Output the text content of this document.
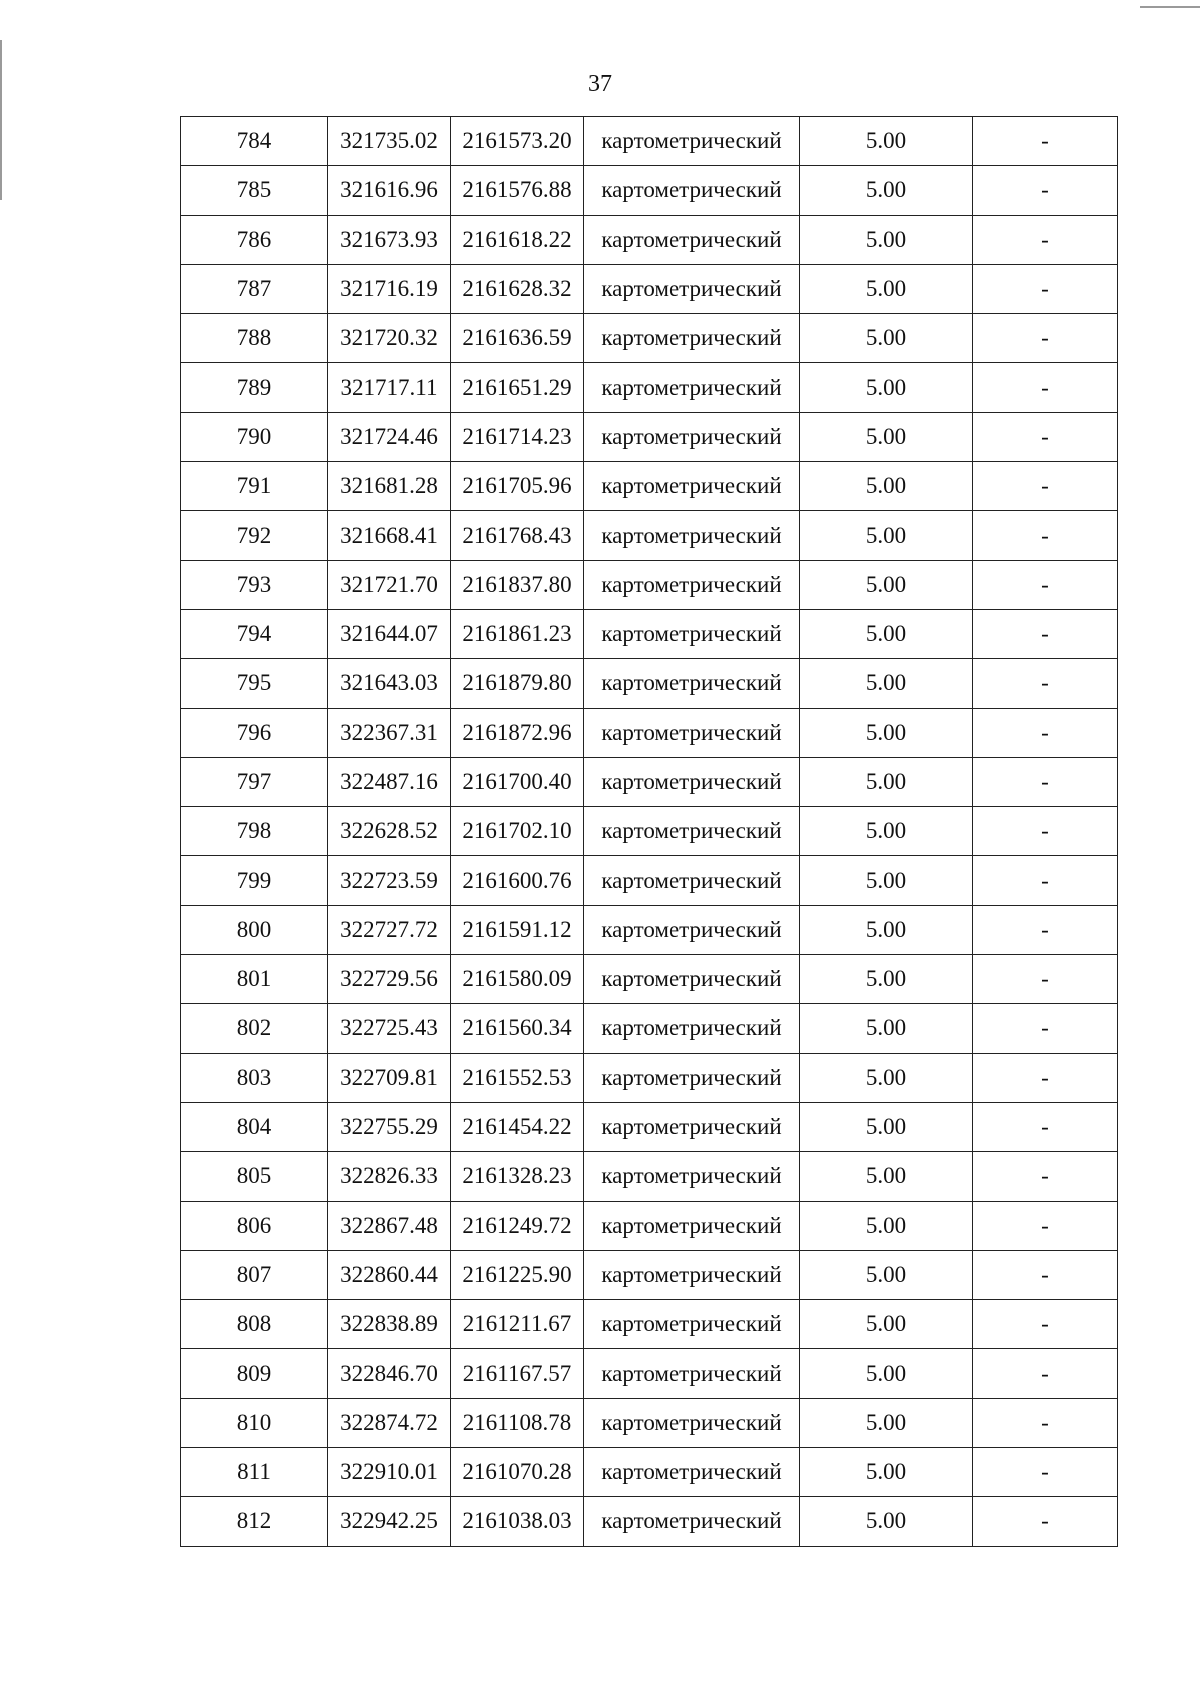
37
784	321735.02	2161573.20	картометрический	5.00	-
785	321616.96	2161576.88	картометрический	5.00	-
786	321673.93	2161618.22	картометрический	5.00	-
787	321716.19	2161628.32	картометрический	5.00	-
788	321720.32	2161636.59	картометрический	5.00	-
789	321717.11	2161651.29	картометрический	5.00	-
790	321724.46	2161714.23	картометрический	5.00	-
791	321681.28	2161705.96	картометрический	5.00	-
792	321668.41	2161768.43	картометрический	5.00	-
793	321721.70	2161837.80	картометрический	5.00	-
794	321644.07	2161861.23	картометрический	5.00	-
795	321643.03	2161879.80	картометрический	5.00	-
796	322367.31	2161872.96	картометрический	5.00	-
797	322487.16	2161700.40	картометрический	5.00	-
798	322628.52	2161702.10	картометрический	5.00	-
799	322723.59	2161600.76	картометрический	5.00	-
800	322727.72	2161591.12	картометрический	5.00	-
801	322729.56	2161580.09	картометрический	5.00	-
802	322725.43	2161560.34	картометрический	5.00	-
803	322709.81	2161552.53	картометрический	5.00	-
804	322755.29	2161454.22	картометрический	5.00	-
805	322826.33	2161328.23	картометрический	5.00	-
806	322867.48	2161249.72	картометрический	5.00	-
807	322860.44	2161225.90	картометрический	5.00	-
808	322838.89	2161211.67	картометрический	5.00	-
809	322846.70	2161167.57	картометрический	5.00	-
810	322874.72	2161108.78	картометрический	5.00	-
811	322910.01	2161070.28	картометрический	5.00	-
812	322942.25	2161038.03	картометрический	5.00	-
